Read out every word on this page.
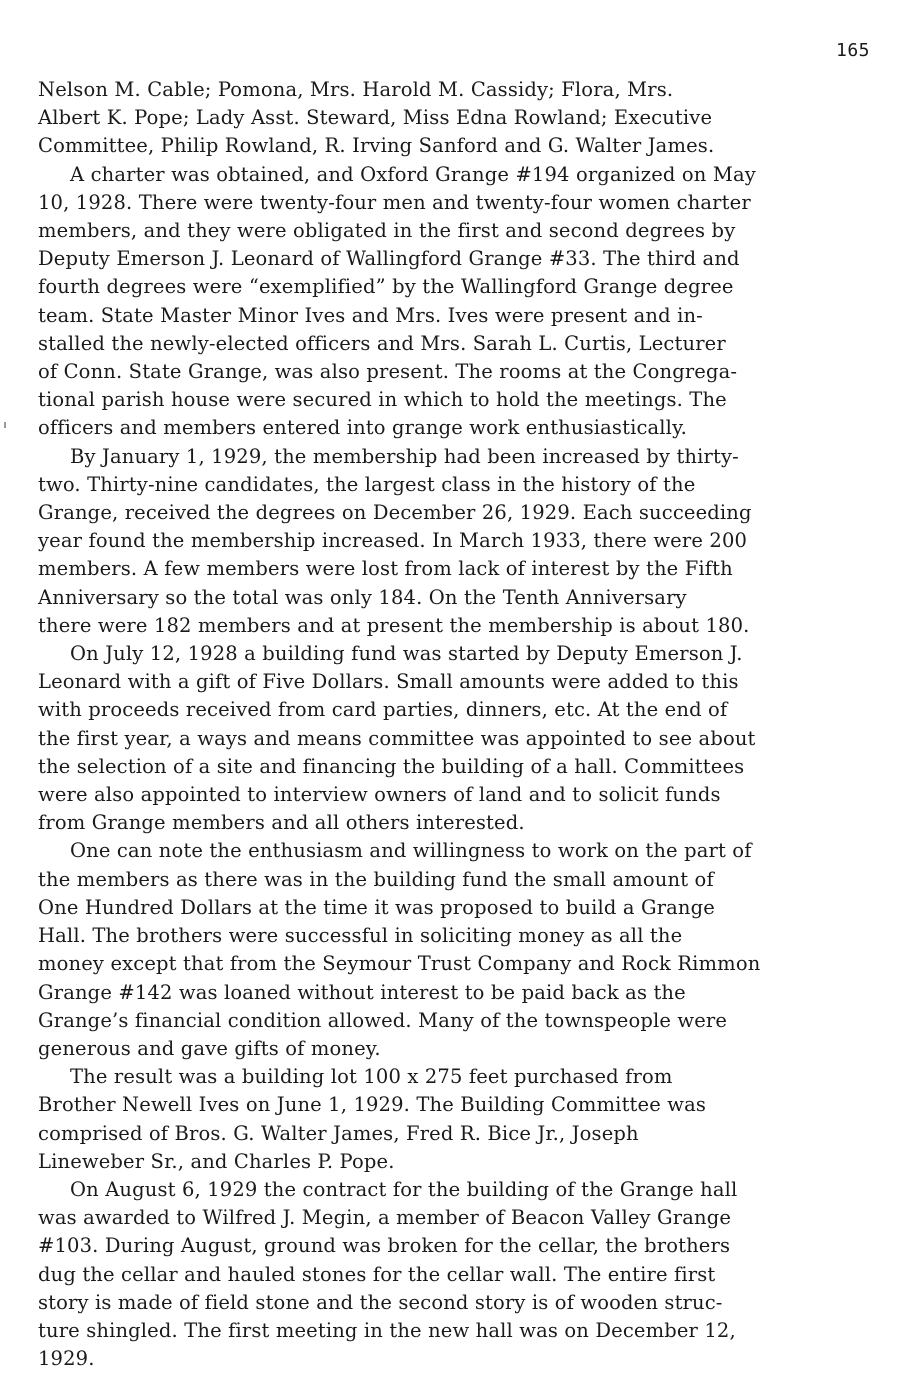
165

Nelson M. Cable; Pomona, Mrs. Harold M. Cassidy; Flora, Mrs.
Albert K. Pope; Lady Asst. Steward, Miss Edna Rowland; Executive
Committee, Philip Rowland, R. Irving Sanford and G. Walter James.

A charter was obtained, and Oxford Grange #194 organized on May
10, 1928. There were twenty-four men and twenty-four women charter
members, and they were obligated in the first and second degrees by
Deputy Emerson J. Leonard of Wallingford Grange #33. The third and
fourth degrees were “exemplified” by the Wallingford Grange degree
team. State Master Minor Ives and Mrs. Ives were present and in-
stalled the newly-elected officers and Mrs. Sarah L. Curtis, Lecturer
of Conn. State Grange, was also present. The rooms at the Congrega-
tional parish house were secured in which to hold the meetings. The
officers and members entered into grange work enthusiastically.

By January 1, 1929, the membership had been increased by thirty-
two. Thirty-nine candidates, the largest class in the history of the
Grange, received the degrees on December 26, 1929. Each succeeding
year found the membership increased. In March 1933, there were 200
members. A few members were lost from lack of interest by the Fifth
Anniversary so the total was only 184. On the Tenth Anniversary
there were 182 members and at present the membership is about 180.

On July 12, 1928 a building fund was started by Deputy Emerson J.
Leonard with a gift of Five Dollars. Small amounts were added to this
with proceeds received from card parties, dinners, etc. At the end of
the first year, a ways and means committee was appointed to see about
the selection of a site and financing the building of a hall. Committees
were also appointed to interview owners of land and to solicit funds
from Grange members and all others interested.

One can note the enthusiasm and willingness to work on the part of
the members as there was in the building fund the small amount of
One Hundred Dollars at the time it was proposed to build a Grange
Hall. The brothers were successful in soliciting money as all the
money except that from the Seymour Trust Company and Rock Rimmon
Grange #142 was loaned without interest to be paid back as the
Grange’s financial condition allowed. Many of the townspeople were
generous and gave gifts of money.

The result was a building lot 100 x 275 feet purchased from
Brother Newell Ives on June 1, 1929. The Building Committee was
comprised of Bros. G. Walter James, Fred R. Bice Jr., Joseph
Lineweber Sr., and Charles P. Pope.

On August 6, 1929 the contract for the building of the Grange hall
was awarded to Wilfred J. Megin, a member of Beacon Valley Grange
#103. During August, ground was broken for the cellar, the brothers
dug the cellar and hauled stones for the cellar wall. The entire first
story is made of field stone and the second story is of wooden struc-
ture shingled. The first meeting in the new hall was on December 12,
1929.
